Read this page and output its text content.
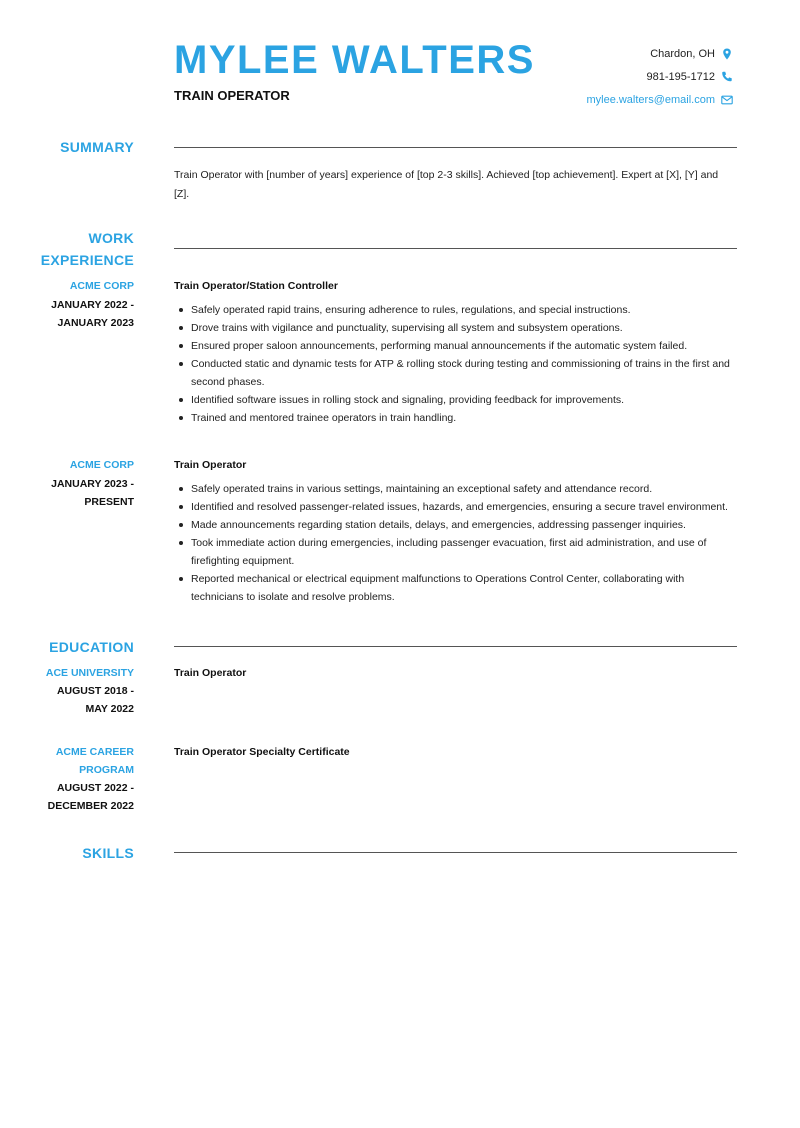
MYLEE WALTERS
TRAIN OPERATOR
Chardon, OH
981-195-1712
mylee.walters@email.com
SUMMARY
Train Operator with [number of years] experience of [top 2-3 skills]. Achieved [top achievement]. Expert at [X], [Y] and [Z].
WORK
EXPERIENCE
ACME CORP
JANUARY 2022 -
JANUARY 2023
Train Operator/Station Controller
Safely operated rapid trains, ensuring adherence to rules, regulations, and special instructions.
Drove trains with vigilance and punctuality, supervising all system and subsystem operations.
Ensured proper saloon announcements, performing manual announcements if the automatic system failed.
Conducted static and dynamic tests for ATP & rolling stock during testing and commissioning of trains in the first and second phases.
Identified software issues in rolling stock and signaling, providing feedback for improvements.
Trained and mentored trainee operators in train handling.
ACME CORP
JANUARY 2023 -
PRESENT
Train Operator
Safely operated trains in various settings, maintaining an exceptional safety and attendance record.
Identified and resolved passenger-related issues, hazards, and emergencies, ensuring a secure travel environment.
Made announcements regarding station details, delays, and emergencies, addressing passenger inquiries.
Took immediate action during emergencies, including passenger evacuation, first aid administration, and use of firefighting equipment.
Reported mechanical or electrical equipment malfunctions to Operations Control Center, collaborating with technicians to isolate and resolve problems.
EDUCATION
ACE UNIVERSITY
AUGUST 2018 -
MAY 2022
Train Operator
ACME CAREER
PROGRAM
AUGUST 2022 -
DECEMBER 2022
Train Operator Specialty Certificate
SKILLS
